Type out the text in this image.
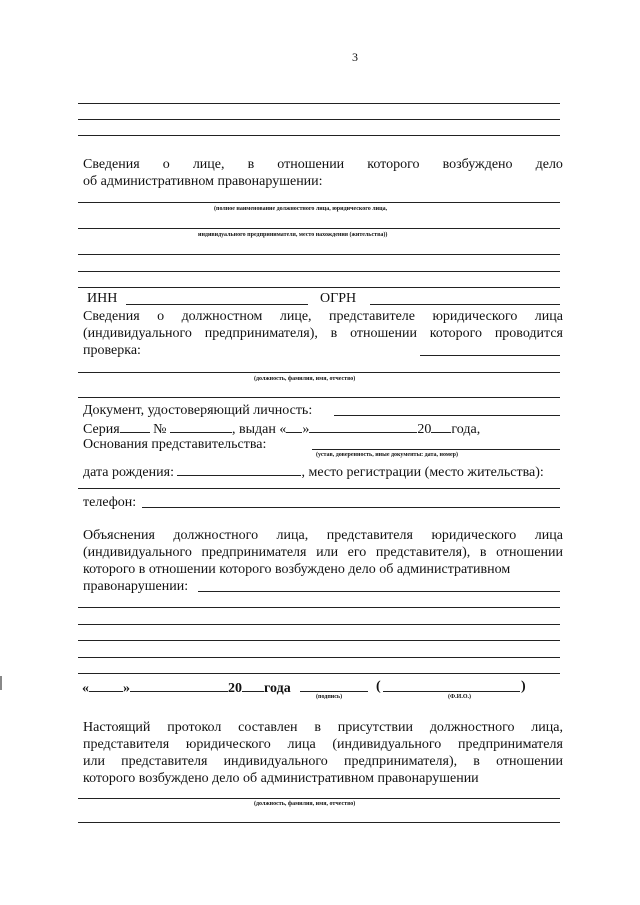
3
Сведения о лице, в отношении которого возбуждено дело
об административном правонарушении:
(полное наименование должностного лица, юридического лица,
индивидуального предпринимателя, место нахождения (жительства))
ИНН	ОГРН
Сведения о должностном лице, представителе юридического лица
(индивидуального предпринимателя), в отношении которого проводится
проверка:
(должность, фамилия, имя, отчество)
Документ, удостоверяющий личность:
Серия №	, выдан « »	20 года,
Основания представительства:
(устав, доверенность, иные документы: дата, номер)
дата рождения:	, место регистрации (место жительства):
телефон:
Объяснения должностного лица, представителя юридического лица
(индивидуального предпринимателя или его представителя), в отношении
которого в отношении которого возбуждено дело об административном
правонарушении:
« »	20 года	(	)
(подпись)	(Ф.И.О.)
Настоящий протокол составлен в присутствии должностного лица,
представителя юридического лица (индивидуального предпринимателя
или представителя индивидуального предпринимателя), в отношении
которого возбуждено дело об административном правонарушении
(должность, фамилия, имя, отчество)
